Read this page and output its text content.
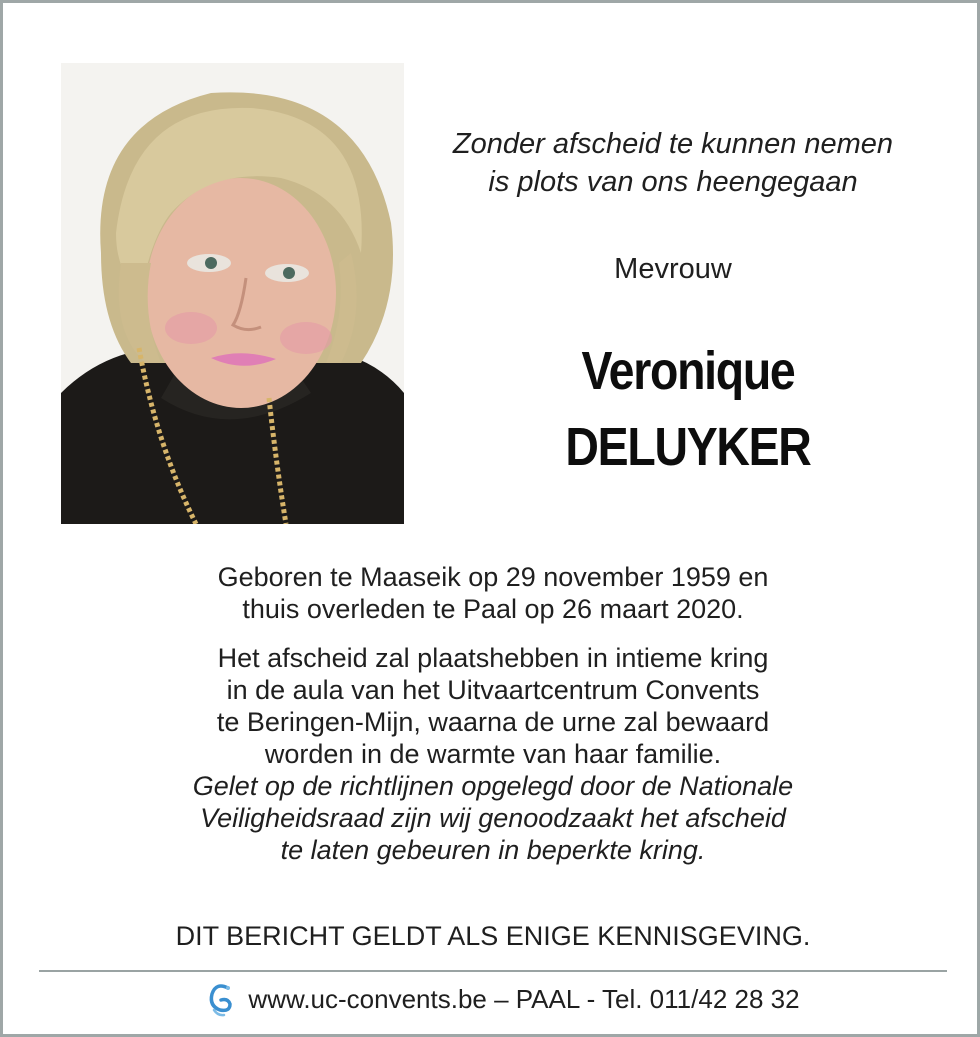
Zonder afscheid te kunnen nemen
is plots van ons heengegaan
Mevrouw
Veronique
DELUYKER
Geboren te Maaseik op 29 november 1959 en
thuis overleden te Paal op 26 maart 2020.
Het afscheid zal plaatshebben in intieme kring
in de aula van het Uitvaartcentrum Convents
te Beringen-Mijn, waarna de urne zal bewaard
worden in de warmte van haar familie.
Gelet op de richtlijnen opgelegd door de Nationale
Veiligheidsraad zijn wij genoodzaakt het afscheid
te laten gebeuren in beperkte kring.
DIT BERICHT GELDT ALS ENIGE KENNISGEVING.
www.uc-convents.be – PAAL - Tel. 011/42 28 32
